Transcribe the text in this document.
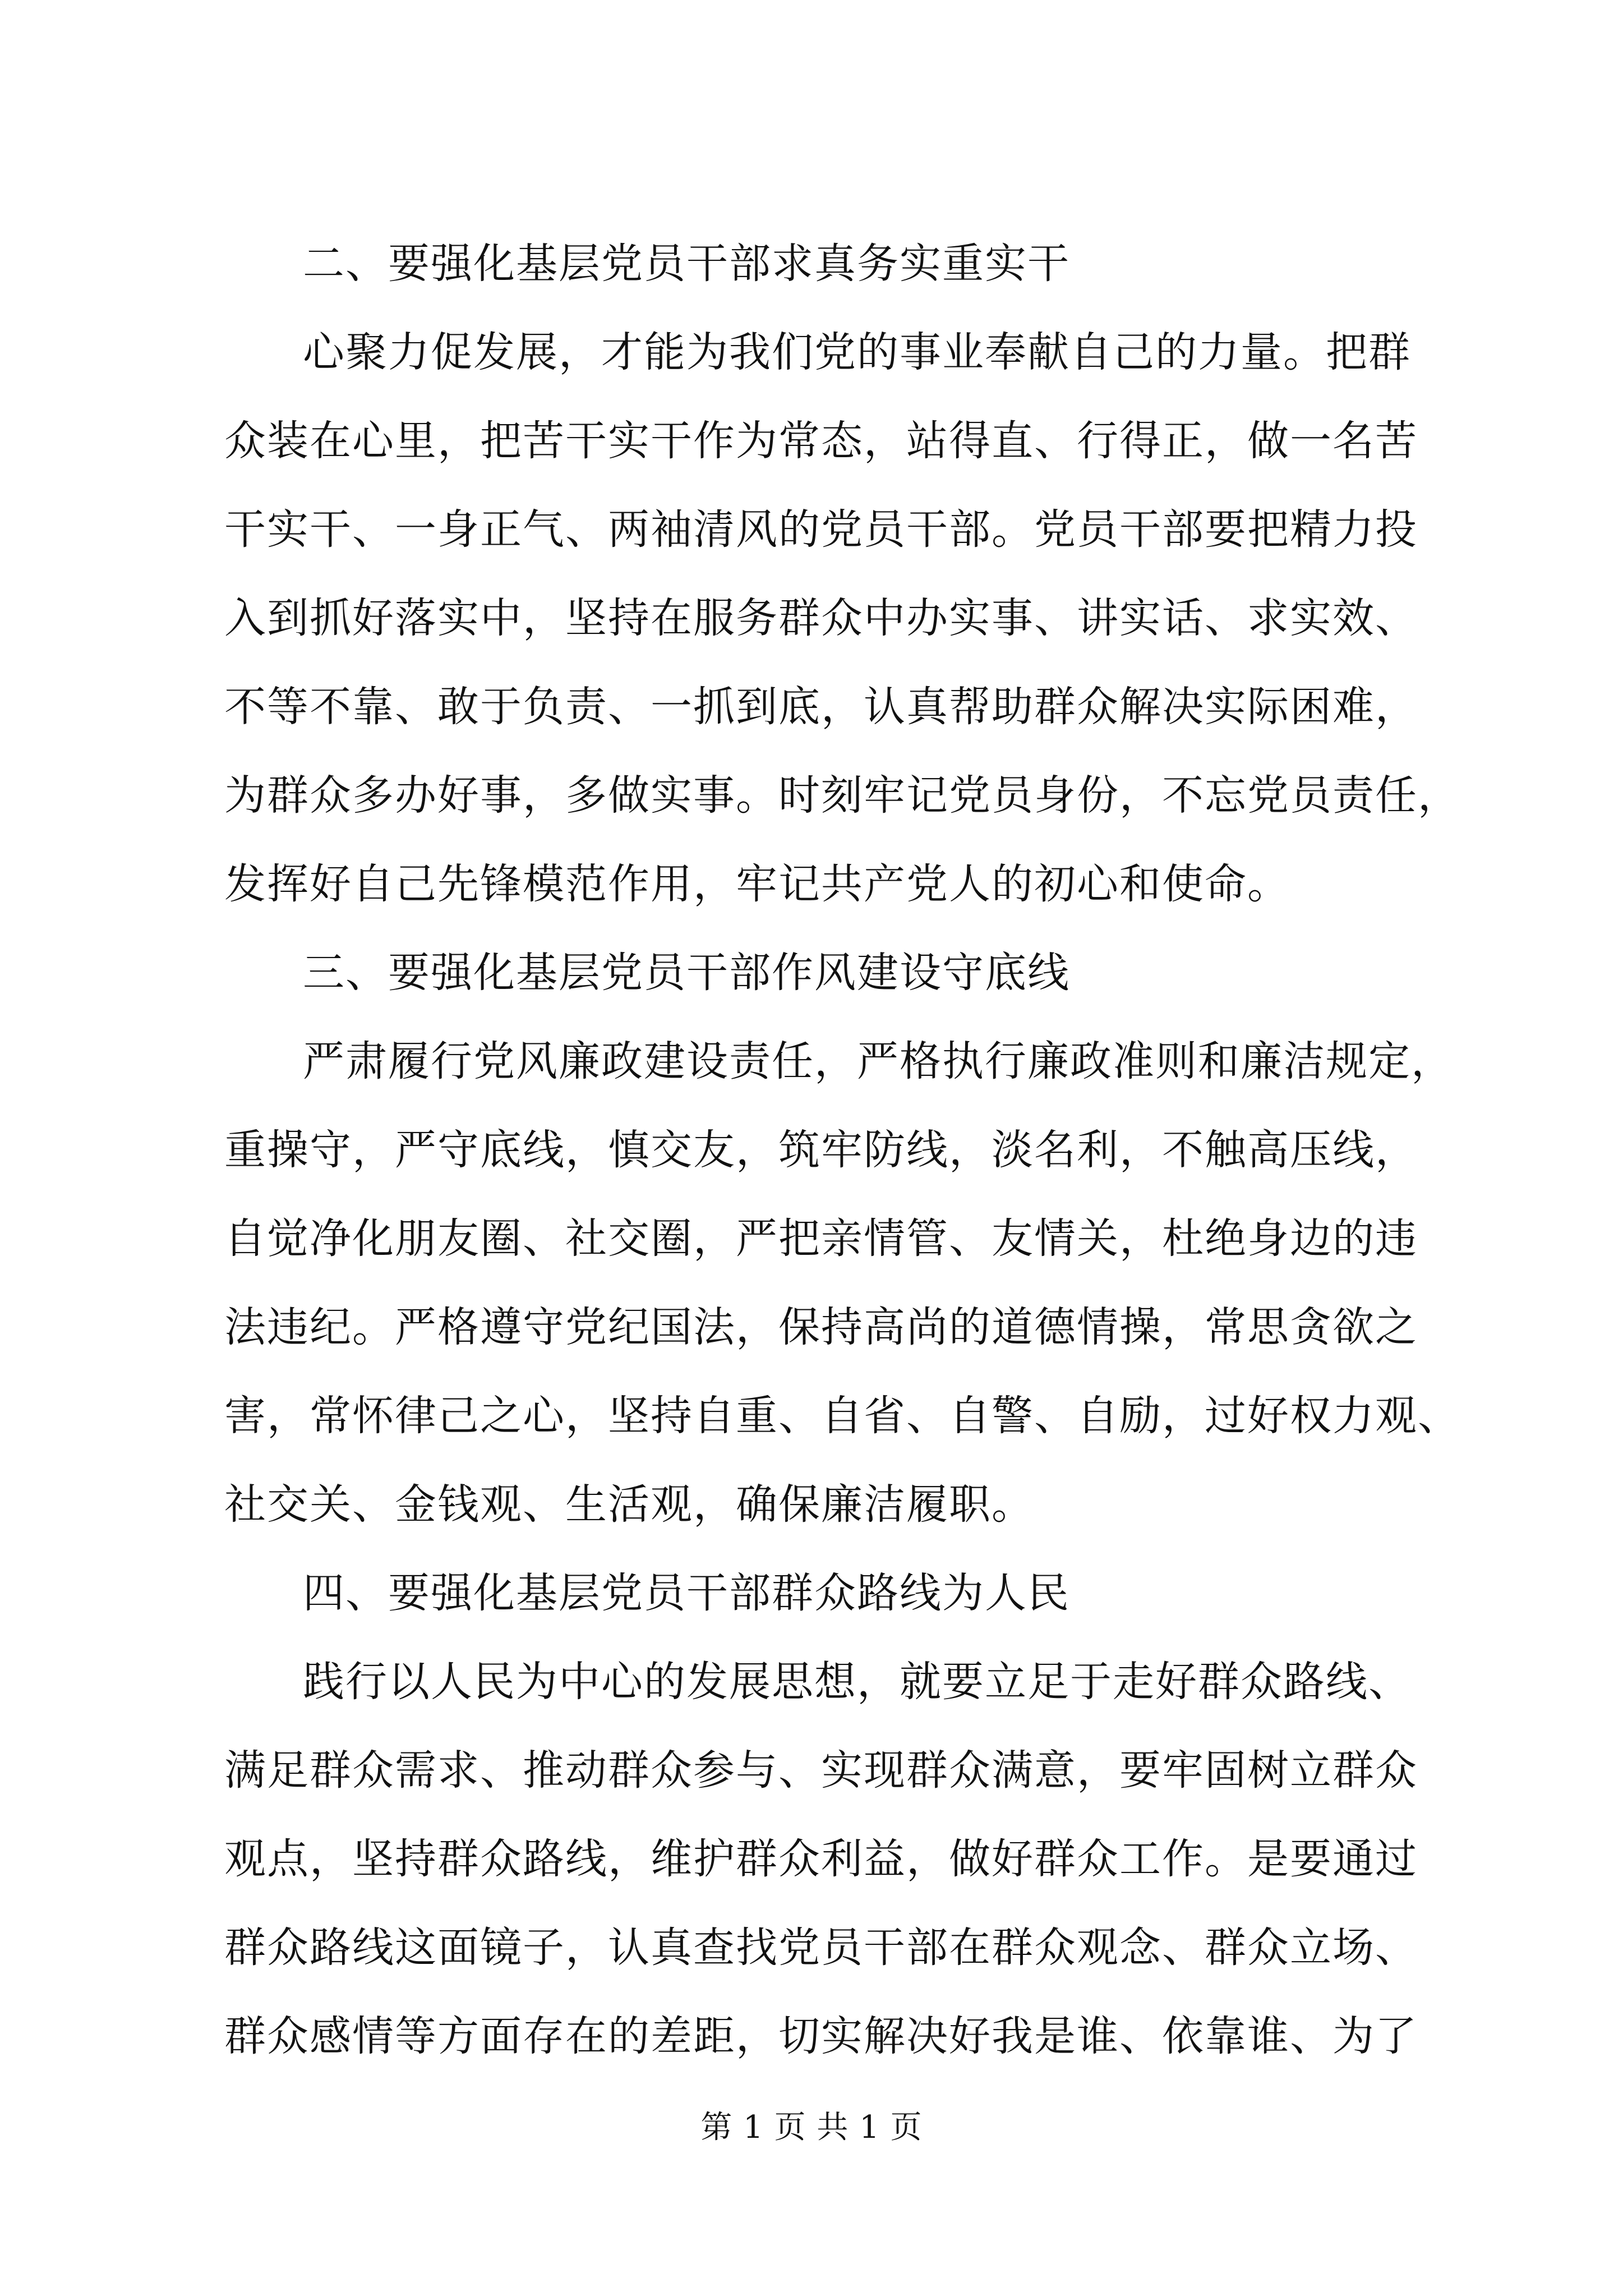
二、要强化基层党员干部求真务实重实干
心聚力促发展，才能为我们党的事业奉献自己的力量。把群
众装在心里，把苦干实干作为常态，站得直、行得正，做一名苦
干实干、一身正气、两袖清风的党员干部。党员干部要把精力投
入到抓好落实中，坚持在服务群众中办实事、讲实话、求实效、
不等不靠、敢于负责、一抓到底，认真帮助群众解决实际困难，
为群众多办好事，多做实事。时刻牢记党员身份，不忘党员责任，
发挥好自己先锋模范作用，牢记共产党人的初心和使命。
三、要强化基层党员干部作风建设守底线
严肃履行党风廉政建设责任，严格执行廉政准则和廉洁规定，
重操守，严守底线，慎交友，筑牢防线，淡名利，不触高压线，
自觉净化朋友圈、社交圈，严把亲情管、友情关，杜绝身边的违
法违纪。严格遵守党纪国法，保持高尚的道德情操，常思贪欲之
害，常怀律己之心，坚持自重、自省、自警、自励，过好权力观、
社交关、金钱观、生活观，确保廉洁履职。
四、要强化基层党员干部群众路线为人民
践行以人民为中心的发展思想，就要立足于走好群众路线、
满足群众需求、推动群众参与、实现群众满意，要牢固树立群众
观点，坚持群众路线，维护群众利益，做好群众工作。是要通过
群众路线这面镜子，认真查找党员干部在群众观念、群众立场、
群众感情等方面存在的差距，切实解决好我是谁、依靠谁、为了
第 1 页 共 1 页
